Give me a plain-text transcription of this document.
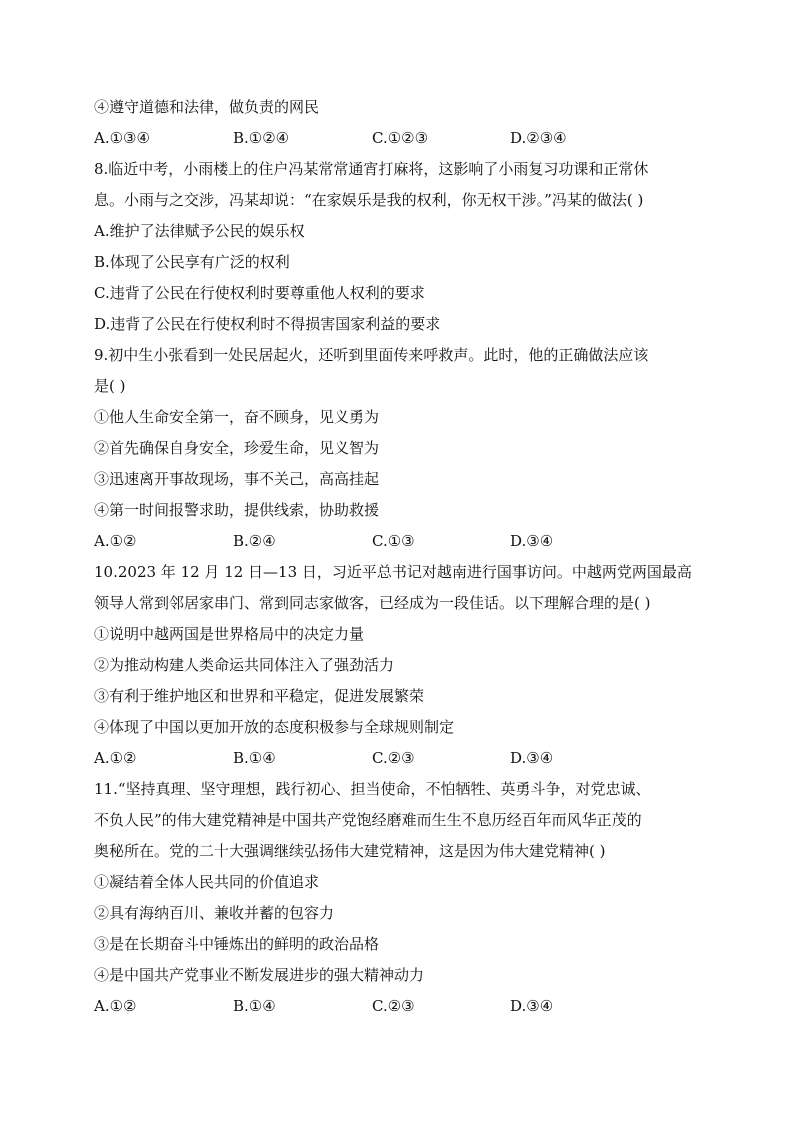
④遵守道德和法律，做负责的网民
A.①③④	B.①②④	C.①②③	D.②③④
8.临近中考，小雨楼上的住户冯某常常通宵打麻将，这影响了小雨复习功课和正常休
息。小雨与之交涉，冯某却说：“在家娱乐是我的权利，你无权干涉。”冯某的做法( )
A.维护了法律赋予公民的娱乐权
B.体现了公民享有广泛的权利
C.违背了公民在行使权利时要尊重他人权利的要求
D.违背了公民在行使权利时不得损害国家利益的要求
9.初中生小张看到一处民居起火，还听到里面传来呼救声。此时，他的正确做法应该
是( )
①他人生命安全第一，奋不顾身，见义勇为
②首先确保自身安全，珍爱生命，见义智为
③迅速离开事故现场，事不关己，高高挂起
④第一时间报警求助，提供线索，协助救援
A.①②	B.②④	C.①③	D.③④
10.2023 年 12 月 12 日—13 日，习近平总书记对越南进行国事访问。中越两党两国最高
领导人常到邻居家串门、常到同志家做客，已经成为一段佳话。以下理解合理的是( )
①说明中越两国是世界格局中的决定力量
②为推动构建人类命运共同体注入了强劲活力
③有利于维护地区和世界和平稳定，促进发展繁荣
④体现了中国以更加开放的态度积极参与全球规则制定
A.①②	B.①④	C.②③	D.③④
11.“坚持真理、坚守理想，践行初心、担当使命，不怕牺牲、英勇斗争，对党忠诚、
不负人民”的伟大建党精神是中国共产党饱经磨难而生生不息历经百年而风华正茂的
奥秘所在。党的二十大强调继续弘扬伟大建党精神，这是因为伟大建党精神( )
①凝结着全体人民共同的价值追求
②具有海纳百川、兼收并蓄的包容力
③是在长期奋斗中锤炼出的鲜明的政治品格
④是中国共产党事业不断发展进步的强大精神动力
A.①②	B.①④	C.②③	D.③④
